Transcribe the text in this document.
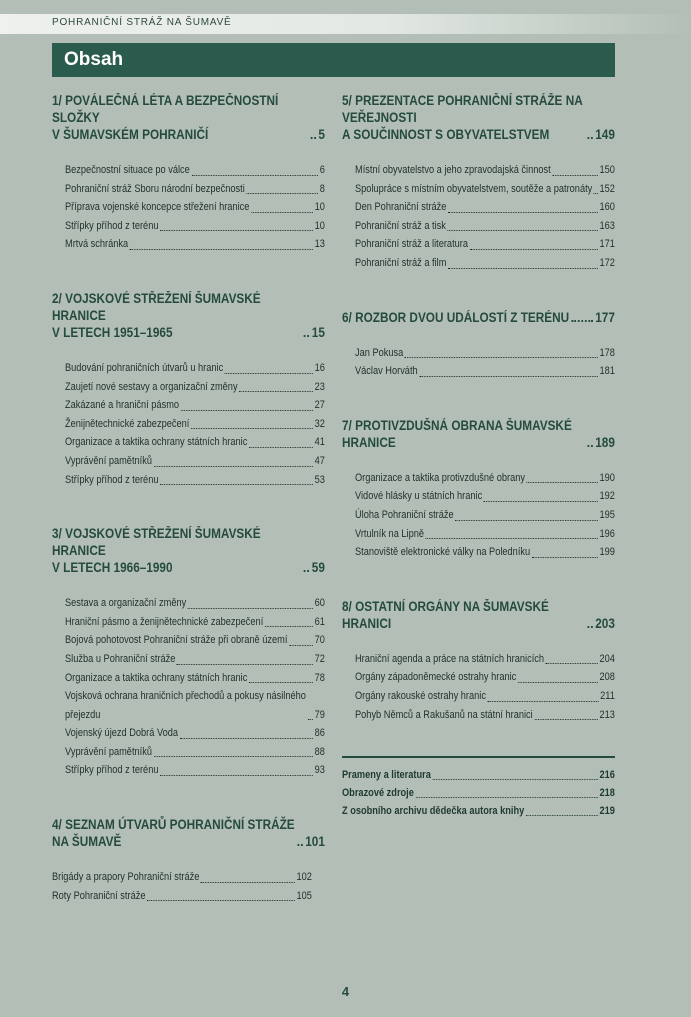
POHRANIČNÍ STRÁŽ NA ŠUMAVĚ
Obsah
1/ POVÁLEČNÁ LÉTA A BEZPEČNOSTNÍ SLOŽKY
V ŠUMAVSKÉM POHRANIČÍ	5
Bezpečnostní situace po válce	6
Pohraniční stráž Sboru národní bezpečnosti	8
Příprava vojenské koncepce střežení hranice	10
Střípky příhod z terénu	10
Mrtvá schránka	13
2/ VOJSKOVÉ STŘEŽENÍ ŠUMAVSKÉ HRANICE
V LETECH 1951–1965	15
Budování pohraničních útvarů u hranic	16
Zaujetí nové sestavy a organizační změny	23
Zakázané a hraniční pásmo	27
Ženijnětechnické zabezpečení	32
Organizace a taktika ochrany státních hranic	41
Vyprávění pamětníků	47
Střípky příhod z terénu	53
3/ VOJSKOVÉ STŘEŽENÍ ŠUMAVSKÉ HRANICE
V LETECH 1966–1990	59
Sestava a organizační změny	60
Hraniční pásmo a ženijnětechnické zabezpečení	61
Bojová pohotovost Pohraniční stráže při obraně území 70
Služba u Pohraniční stráže	72
Organizace a taktika ochrany státních hranic	78
Vojsková ochrana hraničních přechodů a pokusy násilného
přejezdu	79
Vojenský újezd Dobrá Voda	86
Vyprávění pamětníků	88
Střípky příhod z terénu	93
4/ SEZNAM ÚTVARŮ POHRANIČNÍ STRÁŽE
NA ŠUMAVĚ	101
Brigády a prapory Pohraniční stráže	102
Roty Pohraniční stráže	105
5/ PREZENTACE POHRANIČNÍ STRÁŽE NA VEŘEJNOSTI
A SOUČINNOST S OBYVATELSTVEM	149
Místní obyvatelstvo a jeho zpravodajská činnost	150
Spolupráce s místním obyvatelstvem, soutěže a patronáty 152
Den Pohraniční stráže	160
Pohraniční stráž a tisk	163
Pohraniční stráž a literatura	171
Pohraniční stráž a film	172
6/ ROZBOR DVOU UDÁLOSTÍ Z TERÉNU 177
Jan Pokusa	178
Václav Horváth	181
7/ PROTIVZDUŠNÁ OBRANA ŠUMAVSKÉ HRANICE	189
Organizace a taktika protivzdušné obrany	190
Vidové hlásky u státních hranic	192
Úloha Pohraniční stráže	195
Vrtulník na Lipně	196
Stanoviště elektronické války na Poledníku	199
8/ OSTATNÍ ORGÁNY NA ŠUMAVSKÉ HRANICI	203
Hraniční agenda a práce na státních hranicích	204
Orgány západoněmecké ostrahy hranic	208
Orgány rakouské ostrahy hranic	211
Pohyb Němců a Rakušanů na státní hranici	213
Prameny a literatura	216
Obrazové zdroje	218
Z osobního archivu dědečka autora knihy	219
4
